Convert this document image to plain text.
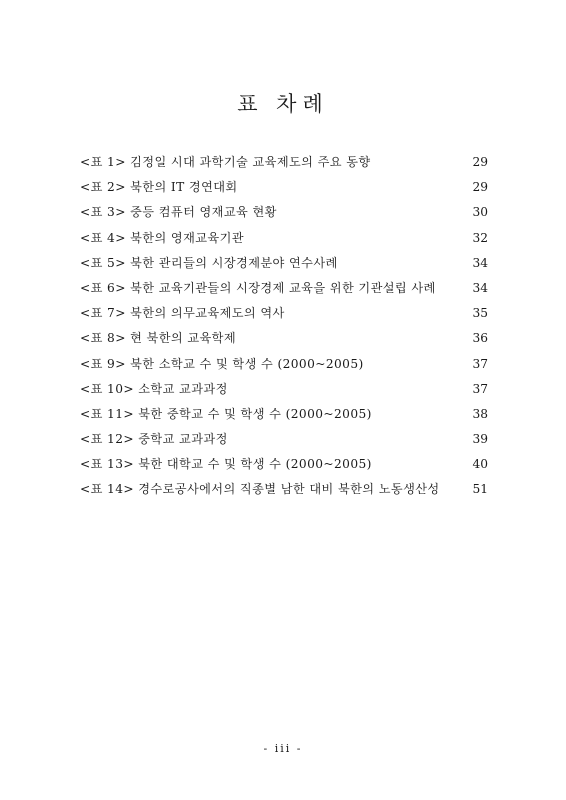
표 차례
<표 1> 김정일 시대 과학기술 교육제도의 주요 동향	29
<표 2> 북한의 IT 경연대회	29
<표 3> 중등 컴퓨터 영재교육 현황	30
<표 4> 북한의 영재교육기관	32
<표 5> 북한 관리들의 시장경제분야 연수사례	34
<표 6> 북한 교육기관들의 시장경제 교육을 위한 기관설립 사례	34
<표 7> 북한의 의무교육제도의 역사	35
<표 8> 현 북한의 교육학제	36
<표 9> 북한 소학교 수 및 학생 수 (2000~2005)	37
<표 10> 소학교 교과과정	37
<표 11> 북한 중학교 수 및 학생 수 (2000~2005)	38
<표 12> 중학교 교과과정	39
<표 13> 북한 대학교 수 및 학생 수 (2000~2005)	40
<표 14> 경수로공사에서의 직종별 남한 대비 북한의 노동생산성	51
- iii -
